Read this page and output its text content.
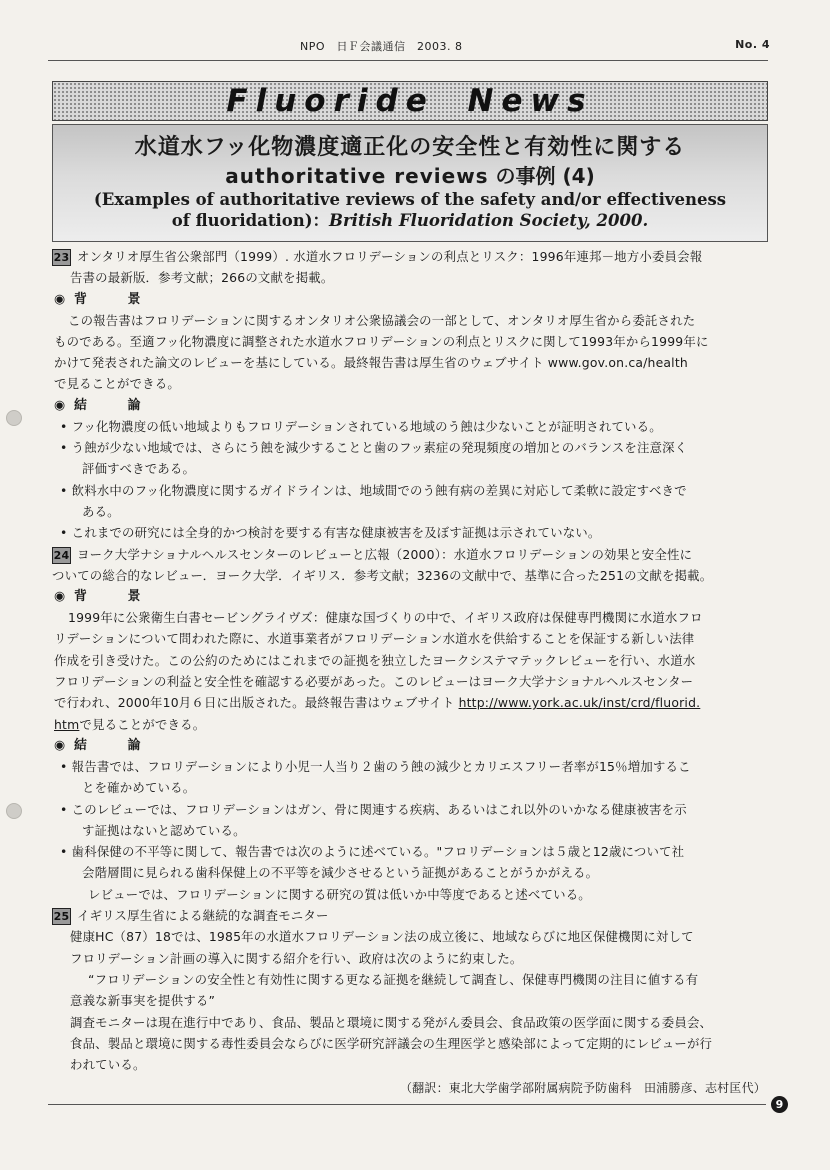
NPO　日Ｆ会議通信　2003. 8	No. 4
Fluoride News
水道水フッ化物濃度適正化の安全性と有効性に関する
authoritative reviews の事例 (4)
(Examples of authoritative reviews of the safety and/or effectiveness
of fluoridation)：British Fluoridation Society, 2000.
23 オンタリオ厚生省公衆部門（1999）. 水道水フロリデーションの利点とリスク：1996年連邦－地方小委員会報
告書の最新版．参考文献；266の文献を掲載。
◉ 背　景
この報告書はフロリデーションに関するオンタリオ公衆協議会の一部として、オンタリオ厚生省から委託された
ものである。至適フッ化物濃度に調整された水道水フロリデーションの利点とリスクに関して1993年から1999年に
かけて発表された論文のレビューを基にしている。最終報告書は厚生省のウェブサイト www.gov.on.ca/health
で見ることができる。
◉ 結　論
• フッ化物濃度の低い地域よりもフロリデーションされている地域のう蝕は少ないことが証明されている。
• う蝕が少ない地域では、さらにう蝕を減少することと歯のフッ素症の発現頻度の増加とのバランスを注意深く
評価すべきである。
• 飲料水中のフッ化物濃度に関するガイドラインは、地域間でのう蝕有病の差異に対応して柔軟に設定すべきで
ある。
• これまでの研究には全身的かつ検討を要する有害な健康被害を及ぼす証拠は示されていない。
24 ヨーク大学ナショナルヘルスセンターのレビューと広報（2000）：水道水フロリデーションの効果と安全性に
ついての総合的なレビュー．ヨーク大学．イギリス．参考文献；3236の文献中で、基準に合った251の文献を掲載。
◉ 背　景
1999年に公衆衛生白書セービングライヴズ：健康な国づくりの中で、イギリス政府は保健専門機関に水道水フロ
リデーションについて問われた際に、水道事業者がフロリデーション水道水を供給することを保証する新しい法律
作成を引き受けた。この公約のためにはこれまでの証拠を独立したヨークシステマテックレビューを行い、水道水
フロリデーションの利益と安全性を確認する必要があった。このレビューはヨーク大学ナショナルヘルスセンター
で行われ、2000年10月６日に出版された。最終報告書はウェブサイト http://www.york.ac.uk/inst/crd/fluorid.
htmで見ることができる。
◉ 結　論
• 報告書では、フロリデーションにより小児一人当り２歯のう蝕の減少とカリエスフリー者率が15％増加するこ
とを確かめている。
• このレビューでは、フロリデーションはガン、骨に関連する疾病、あるいはこれ以外のいかなる健康被害を示
す証拠はないと認めている。
• 歯科保健の不平等に関して、報告書では次のように述べている。"フロリデーションは５歳と12歳について社
会階層間に見られる歯科保健上の不平等を減少させるという証拠があることがうかがえる。
レビューでは、フロリデーションに関する研究の質は低いか中等度であると述べている。
25 イギリス厚生省による継続的な調査モニター
健康HC（87）18では、1985年の水道水フロリデーション法の成立後に、地域ならびに地区保健機関に対して
フロリデーション計画の導入に関する紹介を行い、政府は次のように約束した。
“フロリデーションの安全性と有効性に関する更なる証拠を継続して調査し、保健専門機関の注目に値する有
意義な新事実を提供する”
調査モニターは現在進行中であり、食品、製品と環境に関する発がん委員会、食品政策の医学面に関する委員会、
食品、製品と環境に関する毒性委員会ならびに医学研究評議会の生理医学と感染部によって定期的にレビューが行
われている。
（翻訳：東北大学歯学部附属病院予防歯科　田浦勝彦、志村匡代）
9
